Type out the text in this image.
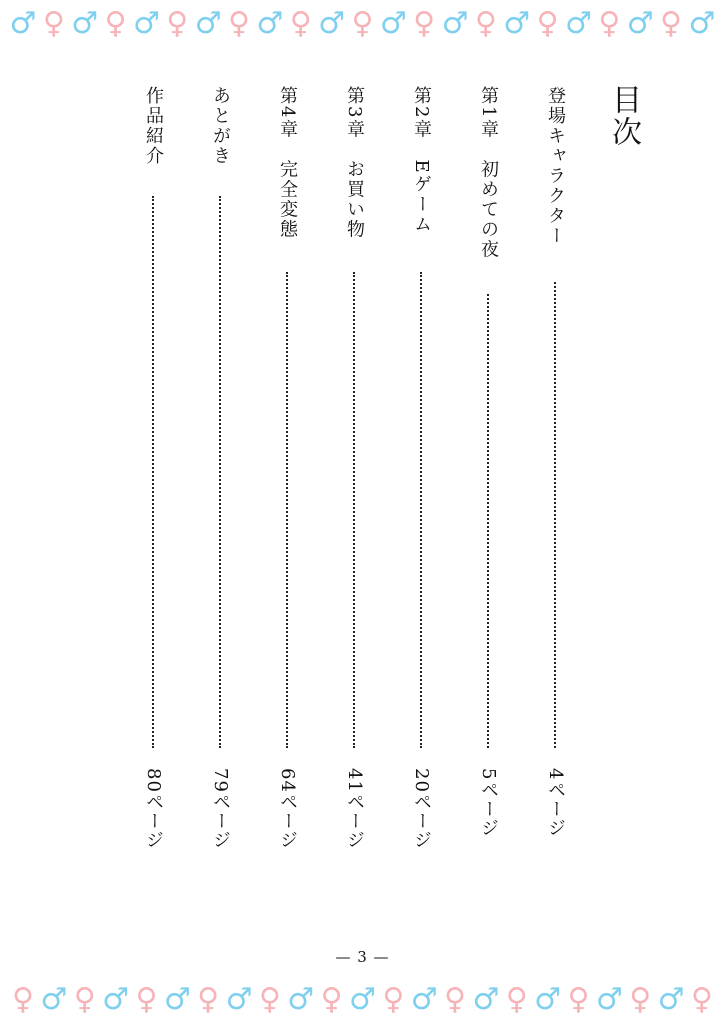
♂ ♀ ♂ ♀ ♂ ♀ ♂ ♀ ♂ ♀ ♂ ♀ ♂ ♀ ♂ ♀ ♂ ♀ ♂ ♀ ♂ ♀ ♂
目次
登場キャラクター
4ページ
第1章　初めての夜
5ページ
第2章　Eゲーム
20ページ
第3章　お買い物
41ページ
第4章　完全変態
64ページ
あとがき
79ページ
作品紹介
80ページ
— 3 —
♀ ♂ ♀ ♂ ♀ ♂ ♀ ♂ ♀ ♂ ♀ ♂ ♀ ♂ ♀ ♂ ♀ ♂ ♀ ♂ ♀ ♂ ♀
